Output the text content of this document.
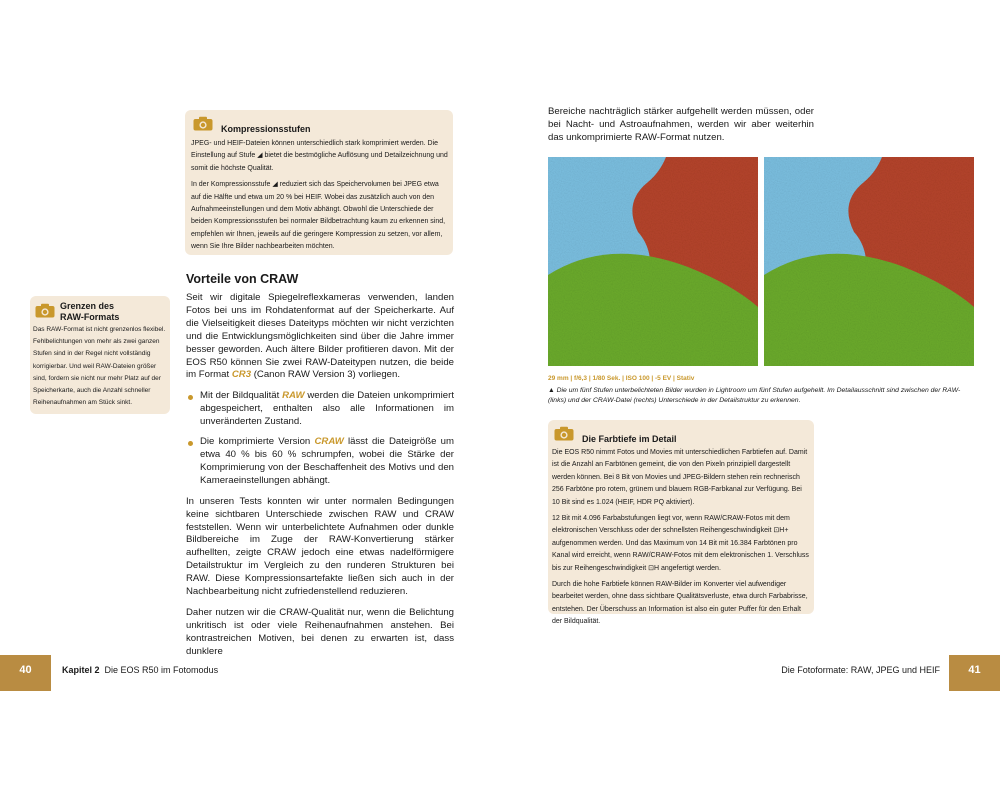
Kompressionsstufen

JPEG- und HEIF-Dateien können unterschiedlich stark komprimiert werden. Die Einstellung auf Stufe ◢ bietet die bestmögliche Auflösung und Detailzeichnung und somit die höchste Qualität.

In der Kompressionsstufe ◢ reduziert sich das Speichervolumen bei JPEG etwa auf die Hälfte und etwa um 20 % bei HEIF. Wobei das zusätzlich auch von den Aufnahmeeinstellungen und dem Motiv abhängt. Obwohl die Unterschiede der beiden Kompressionsstufen bei normaler Bildbetrachtung kaum zu erkennen sind, empfehlen wir Ihnen, jeweils auf die geringere Kompression zu setzen, vor allem, wenn Sie Ihre Bilder nachbearbeiten möchten.

Grenzen des
RAW-Formats
Das RAW-Format ist nicht grenzenlos flexibel. Fehlbelichtungen von mehr als zwei ganzen Stufen sind in der Regel nicht vollständig korrigierbar. Und weil RAW-Dateien größer sind, fordern sie nicht nur mehr Platz auf der Speicherkarte, auch die Anzahl schneller Reihenaufnahmen am Stück sinkt.
Vorteile von CRAW

Seit wir digitale Spiegelreflexkameras verwenden, landen Fotos bei uns im Rohdatenformat auf der Speicherkarte. Auf die Vielseitigkeit dieses Dateityps möchten wir nicht verzichten und die Entwicklungsmöglichkeiten sind über die Jahre immer besser geworden. Auch ältere Bilder profitieren davon. Mit der EOS R50 können Sie zwei RAW-Dateitypen nutzen, die beide im Format CR3 (Canon RAW Version 3) vorliegen.

Mit der Bildqualität RAW werden die Dateien unkomprimiert abgespeichert, enthalten also alle Informationen im unveränderten Zustand.
Die komprimierte Version CRAW lässt die Dateigröße um etwa 40 % bis 60 % schrumpfen, wobei die Stärke der Komprimierung von der Beschaffenheit des Motivs und den Kameraeinstellungen abhängt.

In unseren Tests konnten wir unter normalen Bedingungen keine sichtbaren Unterschiede zwischen RAW und CRAW feststellen. Wenn wir unterbelichtete Aufnahmen oder dunkle Bildbereiche im Zuge der RAW-Konvertierung stärker aufhellten, zeigte CRAW jedoch eine etwas nadelförmigere Detailstruktur im Vergleich zu den runderen Strukturen bei RAW. Diese Kompressionsartefakte ließen sich auch in der Nachbearbeitung nicht zufriedenstellend reduzieren.

Daher nutzen wir die CRAW-Qualität nur, wenn die Belichtung unkritisch ist oder viele Reihenaufnahmen anstehen. Bei kontrastreichen Motiven, bei denen zu erwarten ist, dass dunklere

Bereiche nachträglich stärker aufgehellt werden müssen, oder bei Nacht- und Astroaufnahmen, werden wir aber weiterhin das unkomprimierte RAW-Format nutzen.
29 mm | f/6,3 | 1/80 Sek. | ISO 100 | -5 EV | Stativ
▲ Die um fünf Stufen unterbelichteten Bilder wurden in Lightroom um fünf Stufen aufgehellt. Im Detailausschnitt sind zwischen der RAW- (links) und der CRAW-Datei (rechts) Unterschiede in der Detailstruktur zu erkennen.
Die Farbtiefe im Detail

Die EOS R50 nimmt Fotos und Movies mit unterschiedlichen Farbtiefen auf. Damit ist die Anzahl an Farbtönen gemeint, die von den Pixeln prinzipiell dargestellt werden können. Bei 8 Bit von Movies und JPEG-Bildern stehen rein rechnerisch 256 Farbtöne pro rotem, grünem und blauem RGB-Farbkanal zur Verfügung. Bei 10 Bit sind es 1.024 (HEIF, HDR PQ aktiviert).

12 Bit mit 4.096 Farbabstufungen liegt vor, wenn RAW/CRAW-Fotos mit dem elektronischen Verschluss oder der schnellsten Reihengeschwindigkeit ⊡H+ aufgenommen werden. Und das Maximum von 14 Bit mit 16.384 Farbtönen pro Kanal wird erreicht, wenn RAW/CRAW-Fotos mit dem elektronischen 1. Verschluss bis zur Reihengeschwindigkeit ⊡H angefertigt werden.

Durch die hohe Farbtiefe können RAW-Bilder im Konverter viel aufwendiger bearbeitet werden, ohne dass sichtbare Qualitätsverluste, etwa durch Farbabrisse, entstehen. Der Überschuss an Information ist also ein guter Puffer für den Erhalt der Bildqualität.

40	Kapitel 2 Die EOS R50 im Fotomodus	Die Fotoformate: RAW, JPEG und HEIF	41
